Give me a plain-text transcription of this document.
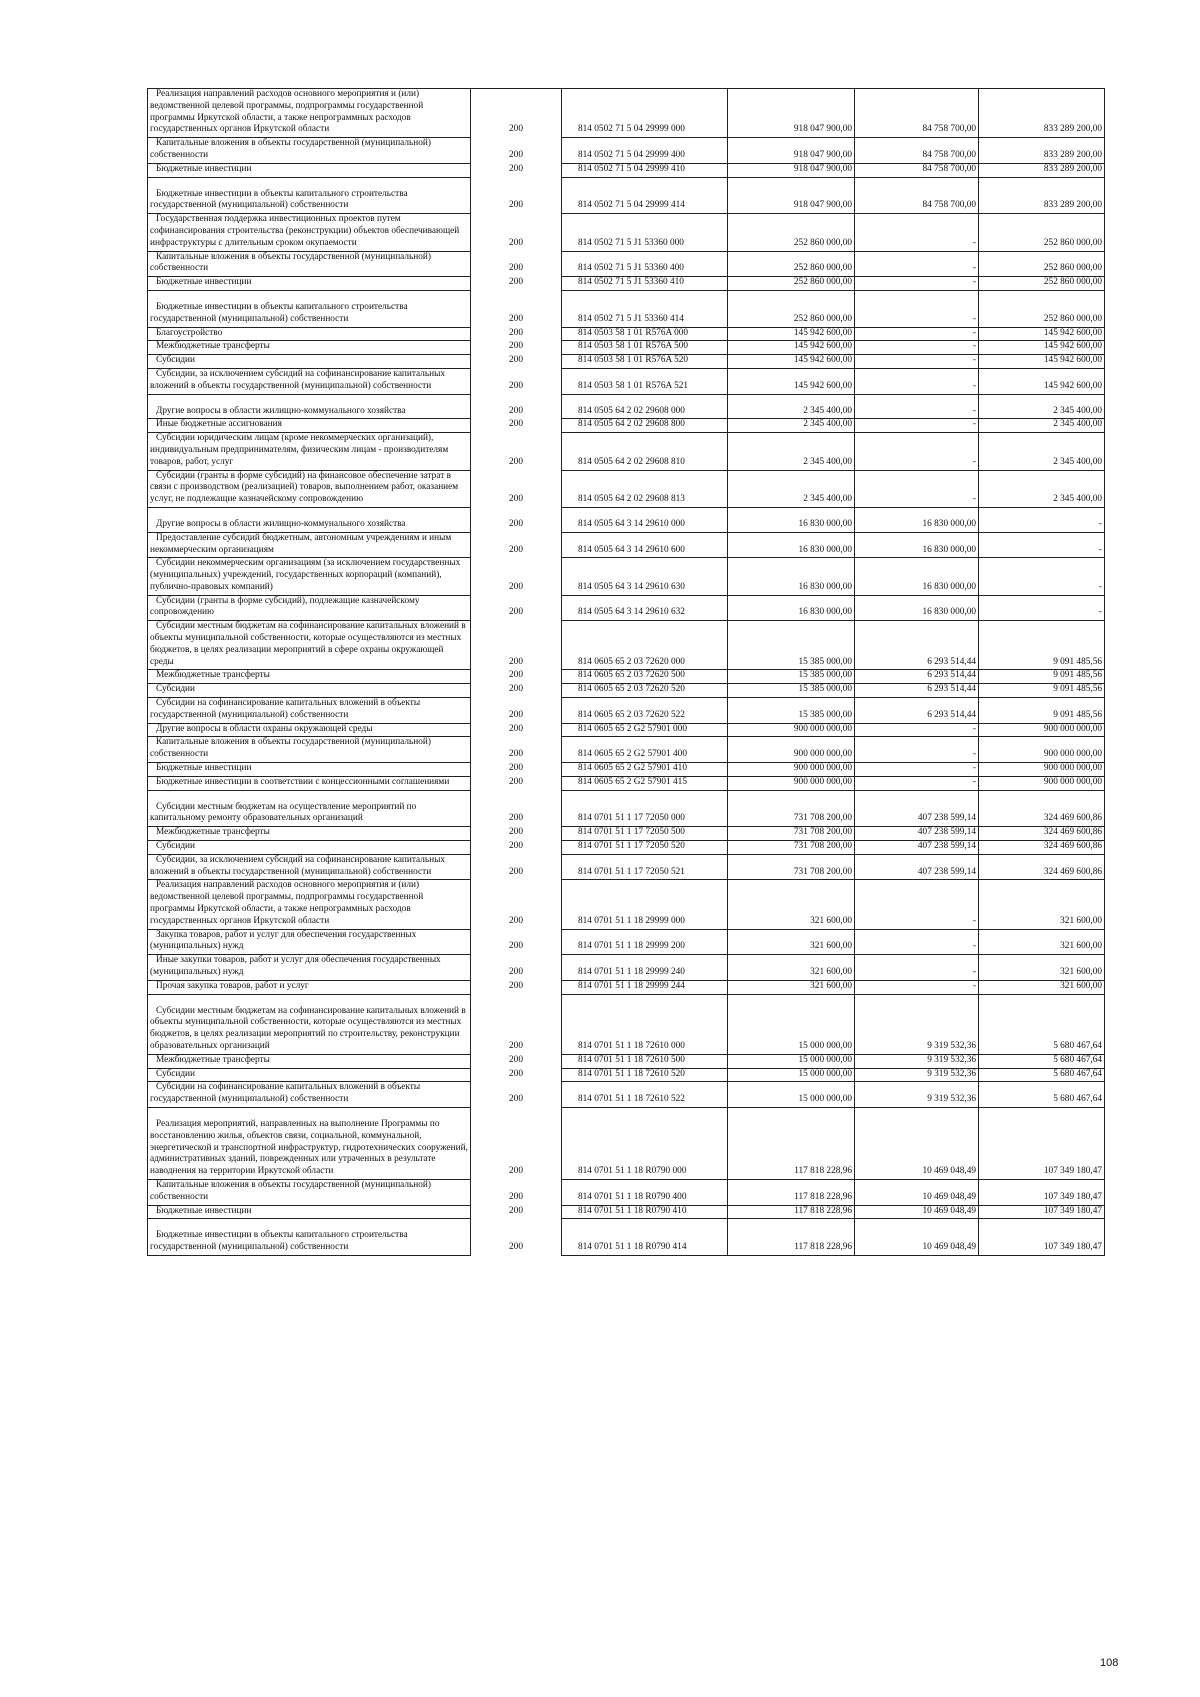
Реализация направлений расходов основного мероприятия и (или) ведомственной целевой программы, подпрограммы государственной программы Иркутской области, а также непрограммных расходов государственных органов Иркутской области	200	814 0502 71 5 04 29999 000	918 047 900,00	84 758 700,00	833 289 200,00
Капитальные вложения в объекты государственной (муниципальной) собственности	200	814 0502 71 5 04 29999 400	918 047 900,00	84 758 700,00	833 289 200,00
Бюджетные инвестиции	200	814 0502 71 5 04 29999 410	918 047 900,00	84 758 700,00	833 289 200,00
Бюджетные инвестиции в объекты капитального строительства государственной (муниципальной) собственности	200	814 0502 71 5 04 29999 414	918 047 900,00	84 758 700,00	833 289 200,00
Государственная поддержка инвестиционных проектов путем софинансирования строительства (реконструкции) объектов обеспечивающей инфраструктуры с длительным сроком окупаемости	200	814 0502 71 5 J1 53360 000	252 860 000,00	-	252 860 000,00
Капитальные вложения в объекты государственной (муниципальной) собственности	200	814 0502 71 5 J1 53360 400	252 860 000,00	-	252 860 000,00
Бюджетные инвестиции	200	814 0502 71 5 J1 53360 410	252 860 000,00	-	252 860 000,00
Бюджетные инвестиции в объекты капитального строительства государственной (муниципальной) собственности	200	814 0502 71 5 J1 53360 414	252 860 000,00	-	252 860 000,00
Благоустройство	200	814 0503 58 1 01 R576A 000	145 942 600,00	-	145 942 600,00
Межбюджетные трансферты	200	814 0503 58 1 01 R576A 500	145 942 600,00	-	145 942 600,00
Субсидии	200	814 0503 58 1 01 R576A 520	145 942 600,00	-	145 942 600,00
Субсидии, за исключением субсидий на софинансирование капитальных вложений в объекты государственной (муниципальной) собственности	200	814 0503 58 1 01 R576A 521	145 942 600,00	-	145 942 600,00
Другие вопросы в области жилищно-коммунального хозяйства	200	814 0505 64 2 02 29608 000	2 345 400,00	-	2 345 400,00
Иные бюджетные ассигнования	200	814 0505 64 2 02 29608 800	2 345 400,00	-	2 345 400,00
Субсидии юридическим лицам (кроме некоммерческих организаций), индивидуальным предпринимателям, физическим лицам - производителям товаров, работ, услуг	200	814 0505 64 2 02 29608 810	2 345 400,00	-	2 345 400,00
Субсидии (гранты в форме субсидий) на финансовое обеспечение затрат в связи с производством (реализацией) товаров, выполнением работ, оказанием услуг, не подлежащие казначейскому сопровождению	200	814 0505 64 2 02 29608 813	2 345 400,00	-	2 345 400,00
Другие вопросы в области жилищно-коммунального хозяйства	200	814 0505 64 3 14 29610 000	16 830 000,00	16 830 000,00	-
Предоставление субсидий бюджетным, автономным учреждениям и иным некоммерческим организациям	200	814 0505 64 3 14 29610 600	16 830 000,00	16 830 000,00	-
Субсидии некоммерческим организациям (за исключением государственных (муниципальных) учреждений, государственных корпораций (компаний), публично-правовых компаний)	200	814 0505 64 3 14 29610 630	16 830 000,00	16 830 000,00	-
Субсидии (гранты в форме субсидий), подлежащие казначейскому сопровождению	200	814 0505 64 3 14 29610 632	16 830 000,00	16 830 000,00	-
Субсидии местным бюджетам на софинансирование капитальных вложений в объекты муниципальной собственности, которые осуществляются из местных бюджетов, в целях реализации мероприятий в сфере охраны окружающей среды	200	814 0605 65 2 03 72620 000	15 385 000,00	6 293 514,44	9 091 485,56
Межбюджетные трансферты	200	814 0605 65 2 03 72620 500	15 385 000,00	6 293 514,44	9 091 485,56
Субсидии	200	814 0605 65 2 03 72620 520	15 385 000,00	6 293 514,44	9 091 485,56
Субсидии на софинансирование капитальных вложений в объекты государственной (муниципальной) собственности	200	814 0605 65 2 03 72620 522	15 385 000,00	6 293 514,44	9 091 485,56
Другие вопросы в области охраны окружающей среды	200	814 0605 65 2 G2 57901 000	900 000 000,00	-	900 000 000,00
Капитальные вложения в объекты государственной (муниципальной) собственности	200	814 0605 65 2 G2 57901 400	900 000 000,00	-	900 000 000,00
Бюджетные инвестиции	200	814 0605 65 2 G2 57901 410	900 000 000,00	-	900 000 000,00
Бюджетные инвестиции в соответствии с концессионными соглашениями	200	814 0605 65 2 G2 57901 415	900 000 000,00	-	900 000 000,00
Субсидии местным бюджетам на осуществление мероприятий по капитальному ремонту образовательных организаций	200	814 0701 51 1 17 72050 000	731 708 200,00	407 238 599,14	324 469 600,86
Межбюджетные трансферты	200	814 0701 51 1 17 72050 500	731 708 200,00	407 238 599,14	324 469 600,86
Субсидии	200	814 0701 51 1 17 72050 520	731 708 200,00	407 238 599,14	324 469 600,86
Субсидии, за исключением субсидий на софинансирование капитальных вложений в объекты государственной (муниципальной) собственности	200	814 0701 51 1 17 72050 521	731 708 200,00	407 238 599,14	324 469 600,86
Реализация направлений расходов основного мероприятия и (или) ведомственной целевой программы, подпрограммы государственной программы Иркутской области, а также непрограммных расходов государственных органов Иркутской области	200	814 0701 51 1 18 29999 000	321 600,00	-	321 600,00
Закупка товаров, работ и услуг для обеспечения государственных (муниципальных) нужд	200	814 0701 51 1 18 29999 200	321 600,00	-	321 600,00
Иные закупки товаров, работ и услуг для обеспечения государственных (муниципальных) нужд	200	814 0701 51 1 18 29999 240	321 600,00	-	321 600,00
Прочая закупка товаров, работ и услуг	200	814 0701 51 1 18 29999 244	321 600,00	-	321 600,00
Субсидии местным бюджетам на софинансирование капитальных вложений в объекты муниципальной собственности, которые осуществляются из местных бюджетов, в целях реализации мероприятий по строительству, реконструкции образовательных организаций	200	814 0701 51 1 18 72610 000	15 000 000,00	9 319 532,36	5 680 467,64
Межбюджетные трансферты	200	814 0701 51 1 18 72610 500	15 000 000,00	9 319 532,36	5 680 467,64
Субсидии	200	814 0701 51 1 18 72610 520	15 000 000,00	9 319 532,36	5 680 467,64
Субсидии на софинансирование капитальных вложений в объекты государственной (муниципальной) собственности	200	814 0701 51 1 18 72610 522	15 000 000,00	9 319 532,36	5 680 467,64
Реализация мероприятий, направленных на выполнение Программы по восстановлению жилья, объектов связи, социальной, коммунальной, энергетической и транспортной инфраструктур, гидротехнических сооружений, административных зданий, поврежденных или утраченных в результате наводнения на территории Иркутской области	200	814 0701 51 1 18 R0790 000	117 818 228,96	10 469 048,49	107 349 180,47
Капитальные вложения в объекты государственной (муниципальной) собственности	200	814 0701 51 1 18 R0790 400	117 818 228,96	10 469 048,49	107 349 180,47
Бюджетные инвестиции	200	814 0701 51 1 18 R0790 410	117 818 228,96	10 469 048,49	107 349 180,47
Бюджетные инвестиции в объекты капитального строительства государственной (муниципальной) собственности	200	814 0701 51 1 18 R0790 414	117 818 228,96	10 469 048,49	107 349 180,47
108
